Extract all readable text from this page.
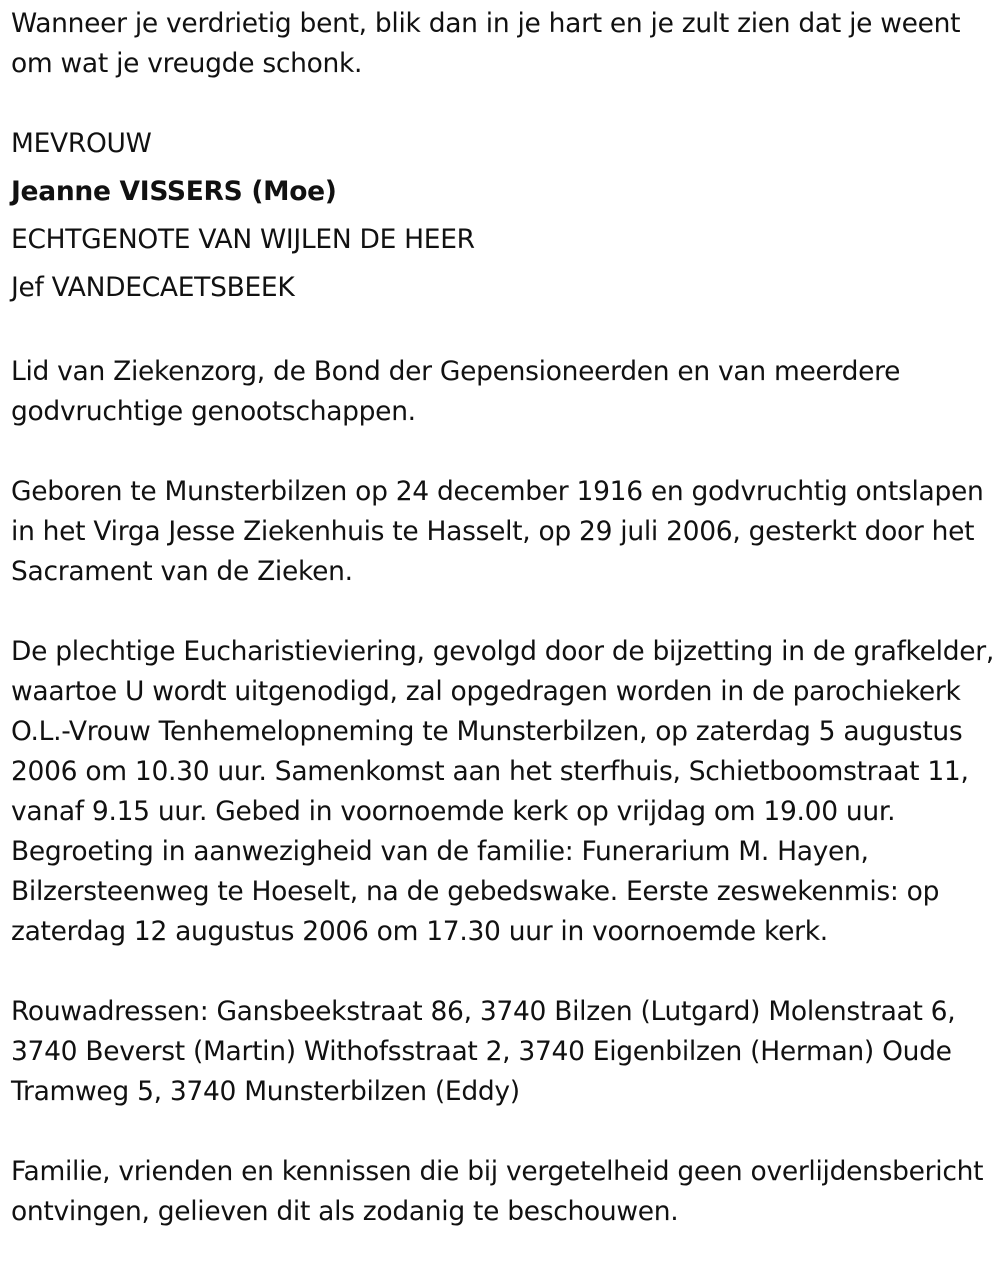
Wanneer je verdrietig bent, blik dan in je hart en je zult zien dat je weent om wat je vreugde schonk.

MEVROUW
Jeanne VISSERS (Moe)
ECHTGENOTE VAN WIJLEN DE HEER
Jef VANDECAETSBEEK

Lid van Ziekenzorg, de Bond der Gepensioneerden en van meerdere godvruchtige genootschappen.

Geboren te Munsterbilzen op 24 december 1916 en godvruchtig ontslapen in het Virga Jesse Ziekenhuis te Hasselt, op 29 juli 2006, gesterkt door het Sacrament van de Zieken.

De plechtige Eucharistieviering, gevolgd door de bijzetting in de grafkelder, waartoe U wordt uitgenodigd, zal opgedragen worden in de parochiekerk O.L.-Vrouw Tenhemelopneming te Munsterbilzen, op zaterdag 5 augustus 2006 om 10.30 uur. Samenkomst aan het sterfhuis, Schietboomstraat 11, vanaf 9.15 uur. Gebed in voornoemde kerk op vrijdag om 19.00 uur. Begroeting in aanwezigheid van de familie: Funerarium M. Hayen, Bilzersteenweg te Hoeselt, na de gebedswake. Eerste zeswekenmis: op zaterdag 12 augustus 2006 om 17.30 uur in voornoemde kerk.

Rouwadressen: Gansbeekstraat 86, 3740 Bilzen (Lutgard) Molenstraat 6, 3740 Beverst (Martin) Withofsstraat 2, 3740 Eigenbilzen (Herman) Oude Tramweg 5, 3740 Munsterbilzen (Eddy)

Familie, vrienden en kennissen die bij vergetelheid geen overlijdensbericht ontvingen, gelieven dit als zodanig te beschouwen.
